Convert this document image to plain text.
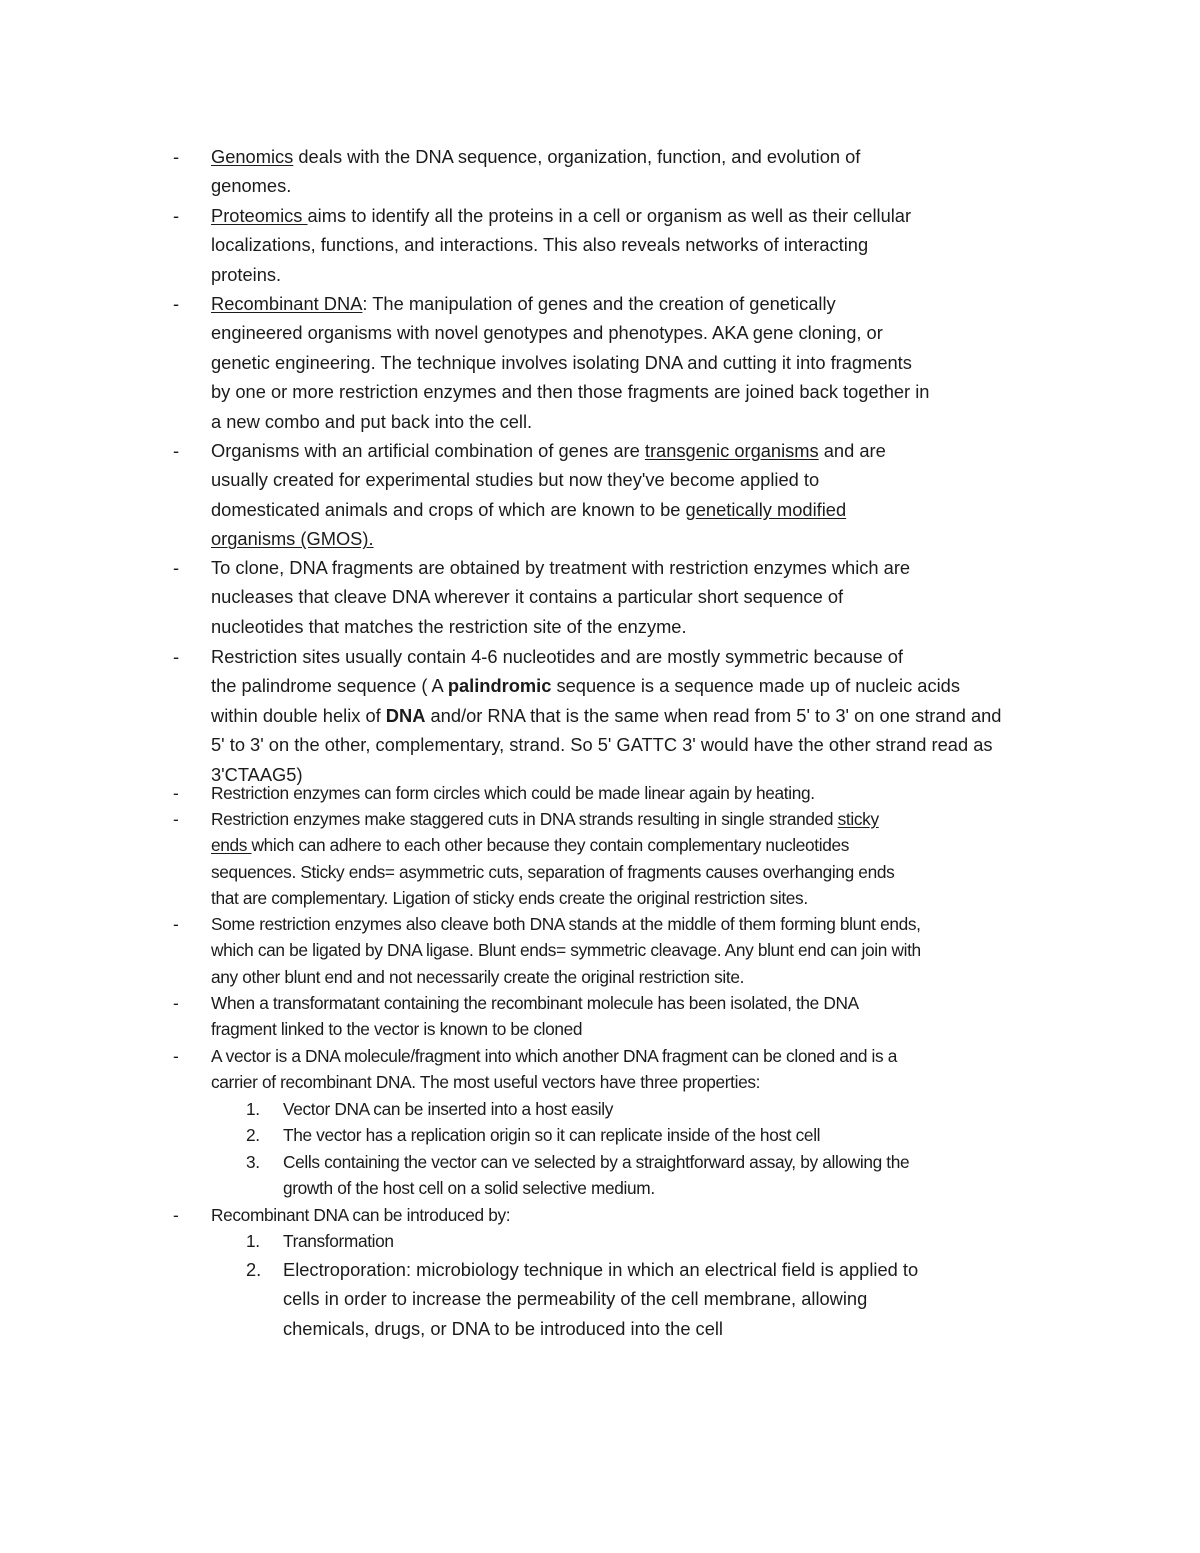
-	Genomics deals with the DNA sequence, organization, function, and evolution of
genomes.
-	Proteomics aims to identify all the proteins in a cell or organism as well as their cellular
localizations, functions, and interactions. This also reveals networks of interacting
proteins.
-	Recombinant DNA: The manipulation of genes and the creation of genetically
engineered organisms with novel genotypes and phenotypes. AKA gene cloning, or
genetic engineering. The technique involves isolating DNA and cutting it into fragments
by one or more restriction enzymes and then those fragments are joined back together in
a new combo and put back into the cell.
-	Organisms with an artificial combination of genes are transgenic organisms and are
usually created for experimental studies but now they've become applied to
domesticated animals and crops of which are known to be genetically modified
organisms (GMOS).
-	To clone, DNA fragments are obtained by treatment with restriction enzymes which are
nucleases that cleave DNA wherever it contains a particular short sequence of
nucleotides that matches the restriction site of the enzyme.
-	Restriction sites usually contain 4-6 nucleotides and are mostly symmetric because of
the palindrome sequence ( A palindromic sequence is a sequence made up of nucleic acids
within double helix of DNA and/or RNA that is the same when read from 5' to 3' on one strand and
5' to 3' on the other, complementary, strand. So 5' GATTC 3' would have the other strand read as
3'CTAAG5)
-	Restriction enzymes can form circles which could be made linear again by heating.
-	Restriction enzymes make staggered cuts in DNA strands resulting in single stranded sticky
ends which can adhere to each other because they contain complementary nucleotides
sequences. Sticky ends= asymmetric cuts, separation of fragments causes overhanging ends
that are complementary. Ligation of sticky ends create the original restriction sites.
-	Some restriction enzymes also cleave both DNA stands at the middle of them forming blunt ends,
which can be ligated by DNA ligase. Blunt ends= symmetric cleavage. Any blunt end can join with
any other blunt end and not necessarily create the original restriction site.
-	When a transformatant containing the recombinant molecule has been isolated, the DNA
fragment linked to the vector is known to be cloned
-	A vector is a DNA molecule/fragment into which another DNA fragment can be cloned and is a
carrier of recombinant DNA. The most useful vectors have three properties:
1. Vector DNA can be inserted into a host easily
2. The vector has a replication origin so it can replicate inside of the host cell
3. Cells containing the vector can ve selected by a straightforward assay, by allowing the
growth of the host cell on a solid selective medium.
-	Recombinant DNA can be introduced by:
1. Transformation
2. Electroporation: microbiology technique in which an electrical field is applied to
cells in order to increase the permeability of the cell membrane, allowing
chemicals, drugs, or DNA to be introduced into the cell
